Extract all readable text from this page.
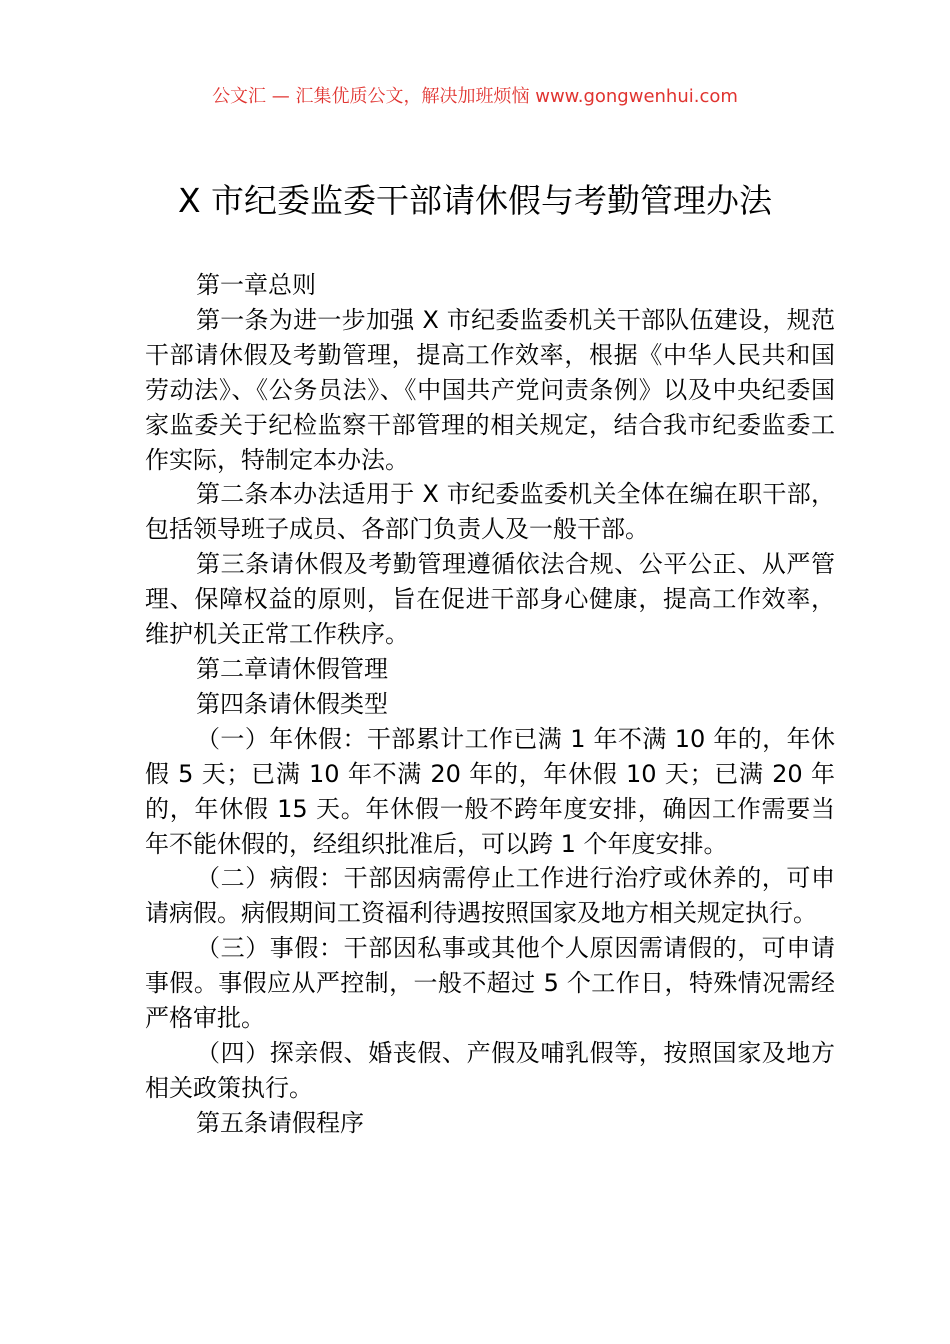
公文汇 — 汇集优质公文，解决加班烦恼 www.gongwenhui.com
X 市纪委监委干部请休假与考勤管理办法

第一章总则

第一条为进一步加强 X 市纪委监委机关干部队伍建设，规范干部请休假及考勤管理，提高工作效率，根据《中华人民共和国劳动法》、《公务员法》、《中国共产党问责条例》以及中央纪委国家监委关于纪检监察干部管理的相关规定，结合我市纪委监委工作实际，特制定本办法。

第二条本办法适用于 X 市纪委监委机关全体在编在职干部，包括领导班子成员、各部门负责人及一般干部。

第三条请休假及考勤管理遵循依法合规、公平公正、从严管理、保障权益的原则，旨在促进干部身心健康，提高工作效率，维护机关正常工作秩序。

第二章请休假管理

第四条请休假类型

（一）年休假：干部累计工作已满 1 年不满 10 年的，年休假 5 天；已满 10 年不满 20 年的，年休假 10 天；已满 20 年的，年休假 15 天。年休假一般不跨年度安排，确因工作需要当年不能休假的，经组织批准后，可以跨 1 个年度安排。

（二）病假：干部因病需停止工作进行治疗或休养的，可申请病假。病假期间工资福利待遇按照国家及地方相关规定执行。

（三）事假：干部因私事或其他个人原因需请假的，可申请事假。事假应从严控制，一般不超过 5 个工作日，特殊情况需经严格审批。

（四）探亲假、婚丧假、产假及哺乳假等，按照国家及地方相关政策执行。

第五条请假程序
